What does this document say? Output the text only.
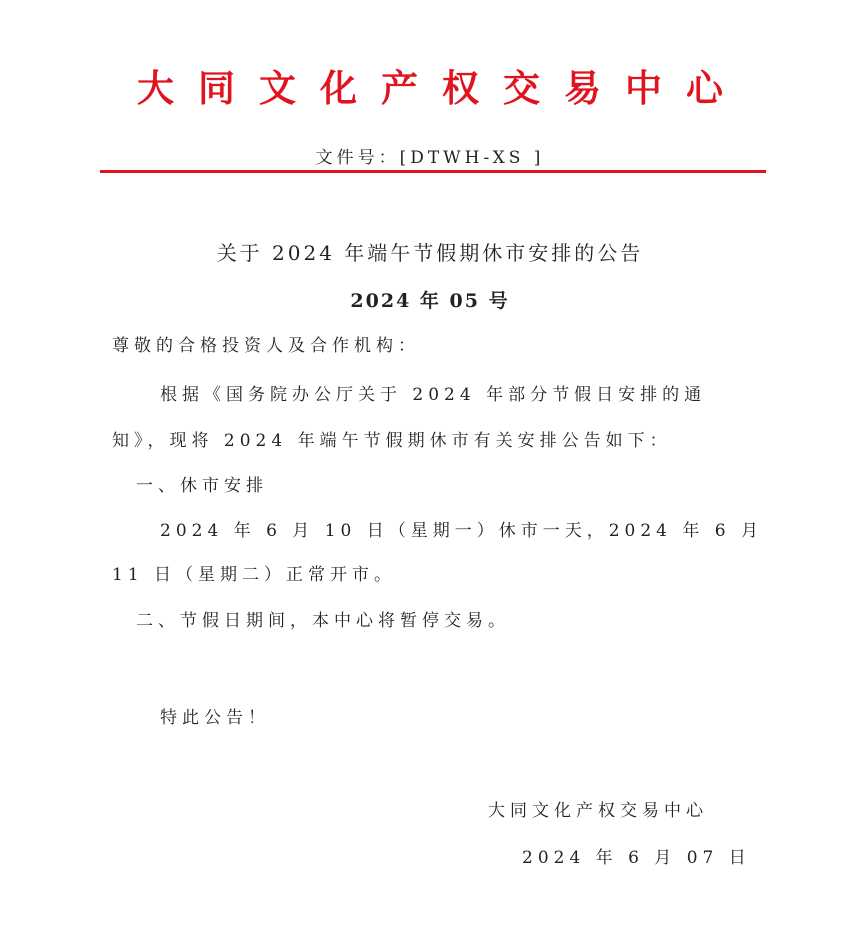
大同文化产权交易中心
文件号：[DTWH-XS ]
关于 2024 年端午节假期休市安排的公告
2024 年 05 号
尊敬的合格投资人及合作机构：
根据《国务院办公厅关于 2024 年部分节假日安排的通
知》，现将 2024 年端午节假期休市有关安排公告如下：
一、休市安排
2024 年 6 月 10 日（星期一）休市一天，2024 年 6 月
11 日（星期二）正常开市。
二、节假日期间，本中心将暂停交易。
特此公告！
大同文化产权交易中心
2024 年 6 月 07 日
